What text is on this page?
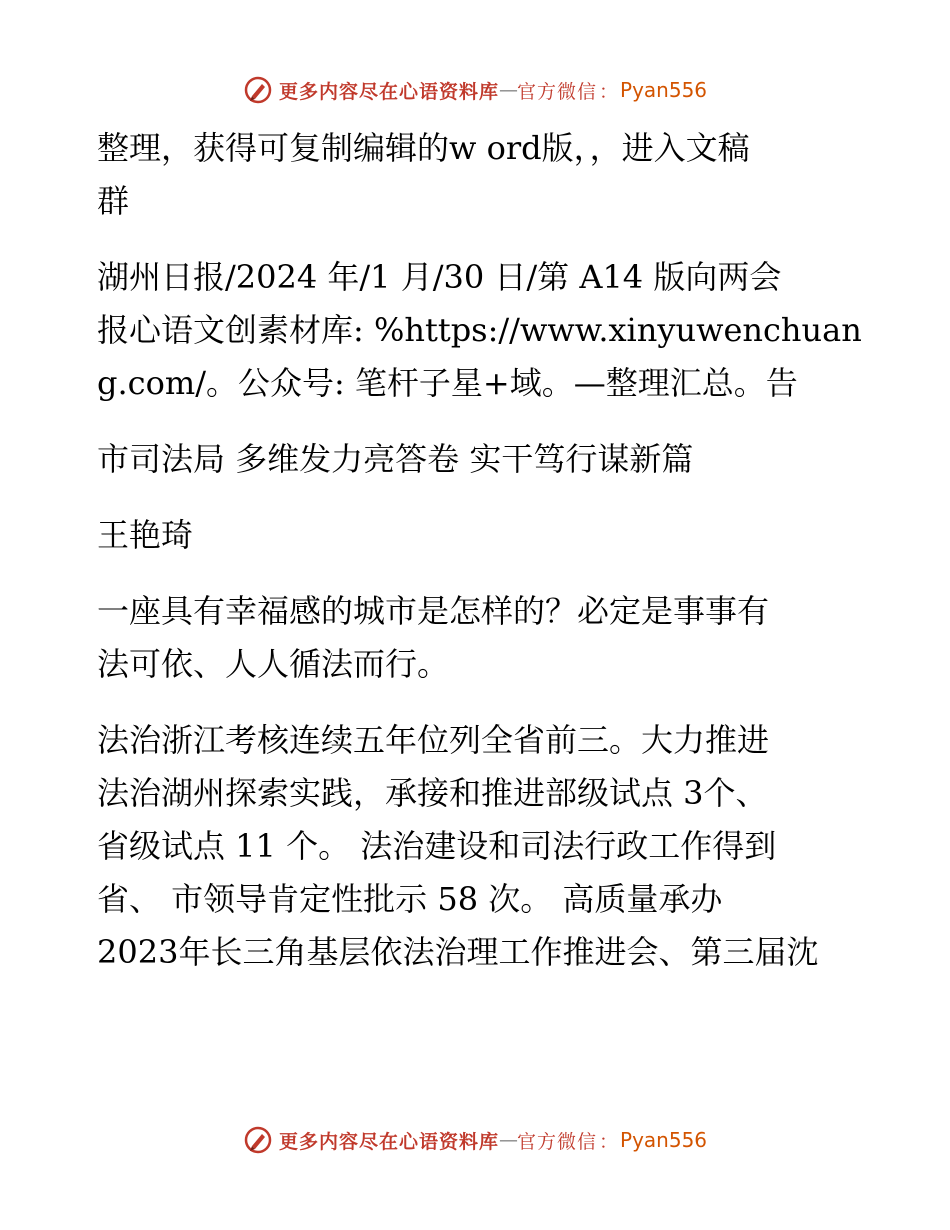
更多内容尽在心语资料库 — 官方微信 ： Pyan556

整理，获得可复制编辑的w ord版，，进入文稿
群

湖州日报/2024 年/1 月/30 日/第 A14 版向两会
报心语文创素材库: %https://www.xinyuwenchuan
g.com/。公众号: 笔杆子星+域。—整理汇总。告

市司法局 多维发力亮答卷 实干笃行谋新篇

王艳琦

一座具有幸福感的城市是怎样的？必定是事事有
法可依、人人循法而行。

法治浙江考核连续五年位列全省前三。大力推进
法治湖州探索实践，承接和推进部级试点 3个、
省级试点 11 个。 法治建设和司法行政工作得到
省、 市领导肯定性批示 58 次。 高质量承办
2023年长三角基层依法治理工作推进会、第三届沈

更多内容尽在心语资料库 — 官方微信 ： Pyan556
